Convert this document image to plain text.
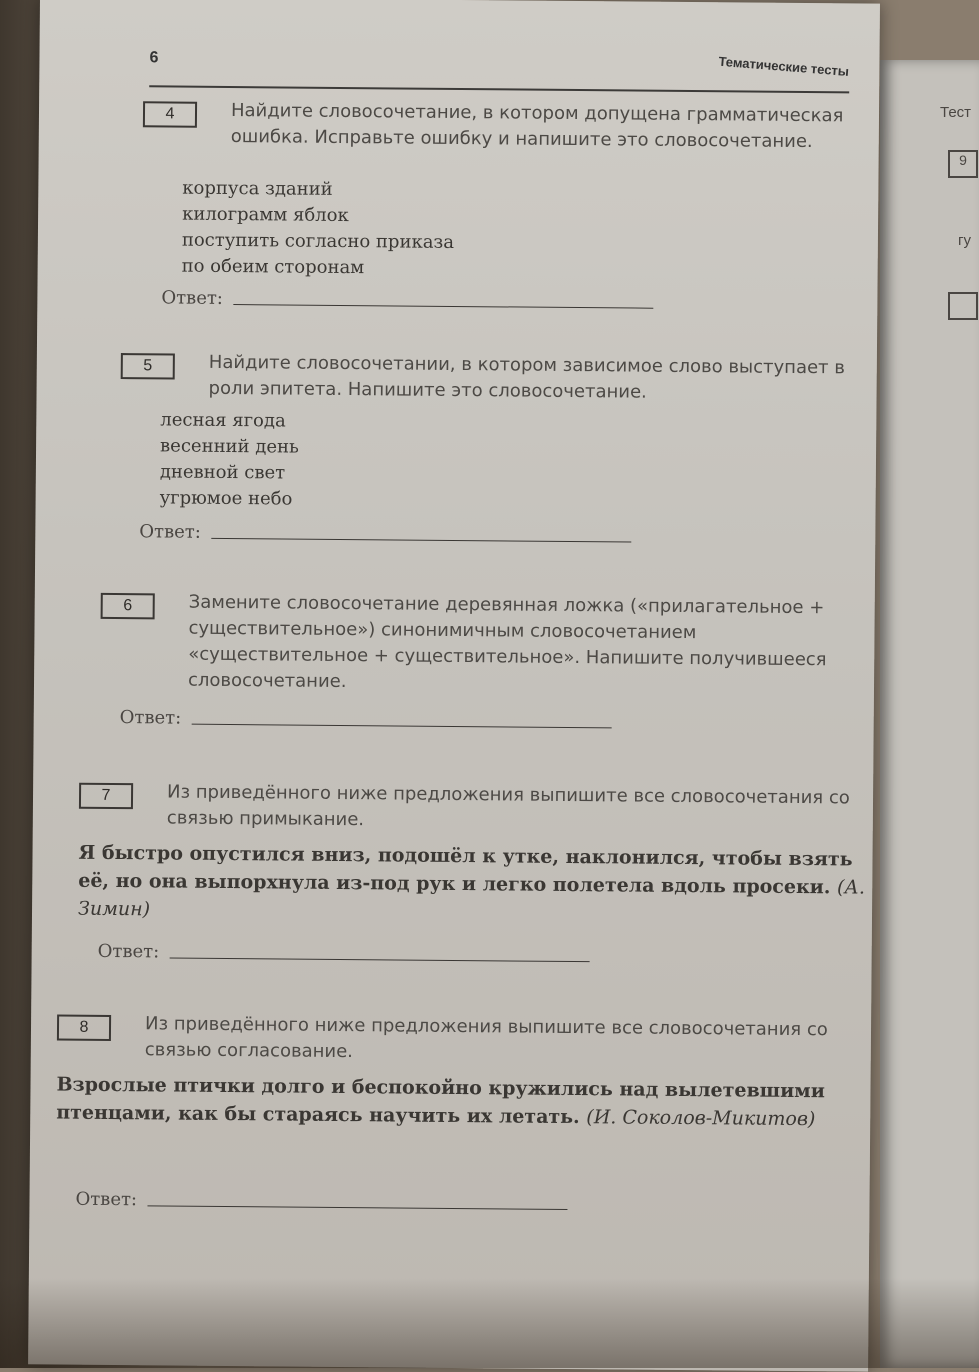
Тест
9
гу
6	Тематические тесты
4	Найдите словосочетание, в котором допущена грамматическая ошибка. Исправьте ошибку и напишите это словосочетание.
корпуса зданий
килограмм яблок
поступить согласно приказа
по обеим сторонам
Ответ:
5	Найдите словосочетании, в котором зависимое слово выступает в роли эпитета. Напишите это словосочетание.
лесная ягода
весенний день
дневной свет
угрюмое небо
Ответ:
6	Замените словосочетание деревянная ложка («прилагательное + существительное») синонимичным словосочетанием «существительное + существительное». Напишите получившееся словосочетание.
Ответ:
7	Из приведённого ниже предложения выпишите все словосочетания со связью примыкание.
Я быстро опустился вниз, подошёл к утке, наклонился, чтобы взять её, но она выпорхнула из-под рук и легко полетела вдоль просеки. (А. Зимин)
Ответ:
8	Из приведённого ниже предложения выпишите все словосочетания со связью согласование.
Взрослые птички долго и беспокойно кружились над вылетевшими птенцами, как бы стараясь научить их летать. (И. Соколов-Микитов)
Ответ:
